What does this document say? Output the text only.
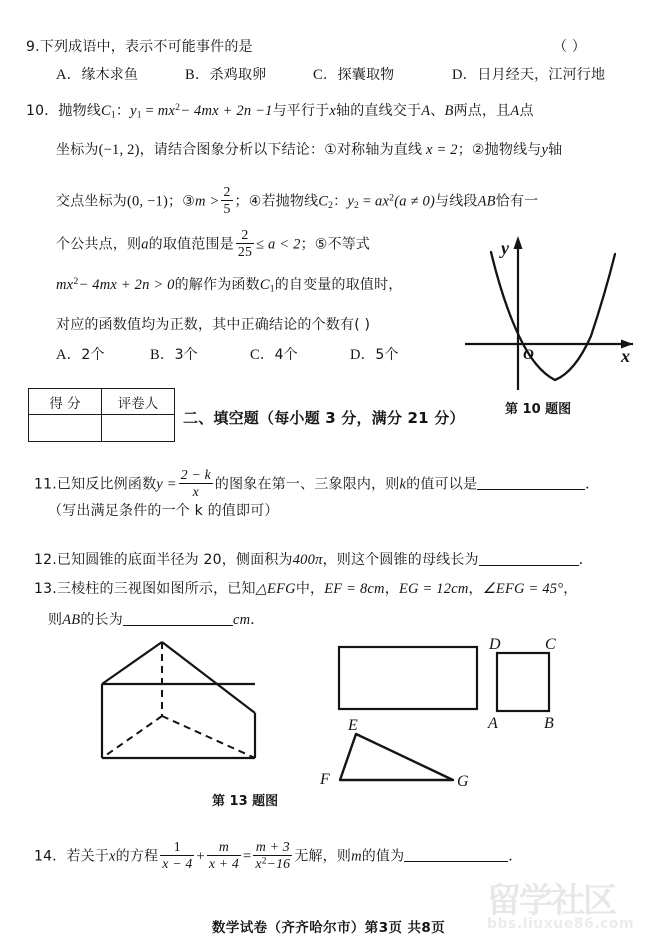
9.下列成语中，表示不可能事件的是	（ ）
A．缘木求鱼	B．杀鸡取卵	C．探囊取物	D．日月经天，江河行地
10．抛物线$C_1$：$y_1 = mx^2- 4mx + 2n -1$与平行于x轴的直线交于A、B两点，且A点
坐标为(−1, 2)，请结合图象分析以下结论：①对称轴为直线 x = 2；②抛物线与y轴
交点坐标为(0, −1)；③m > $\frac{2}{5}$ ；④若抛物线$C_2$：$y_2 = ax^2(a \ne 0)$与线段AB恰有一
个公共点，则a的取值范围是 $\frac{2}{25} \le a < 2$；⑤不等式
$mx^2- 4mx + 2n > 0$的解作为函数$C_1$的自变量的取值时，
对应的函数值均为正数，其中正确结论的个数有( )
A．2个	B．3个	C．4个	D．5个
y
x
O
第 10 题图
得 分	评卷人

二、填空题（每小题 3 分，满分 21 分）
11.已知反比例函数$y = \frac{2 - k}{x}$ 的图象在第一、三象限内，则k的值可以是	．
（写出满足条件的一个 k 的值即可）
12.已知圆锥的底面半径为 20，侧面积为400π，则这个圆锥的母线长为	．
13.三棱柱的三视图如图所示，已知△EFG中，EF = 8cm，EG = 12cm，∠EFG = 45°，
则AB的长为	cm．
D	C
A	B
E
F	G
第 13 题图
14．若关于x的方程 $\frac{1}{x - 4} + \frac{m}{x + 4} = \frac{m + 3}{x^2-16}$ 无解，则m的值为	．
留学社区
bbs.liuxue86.com
数学试卷（齐齐哈尔市）第3页 共8页
